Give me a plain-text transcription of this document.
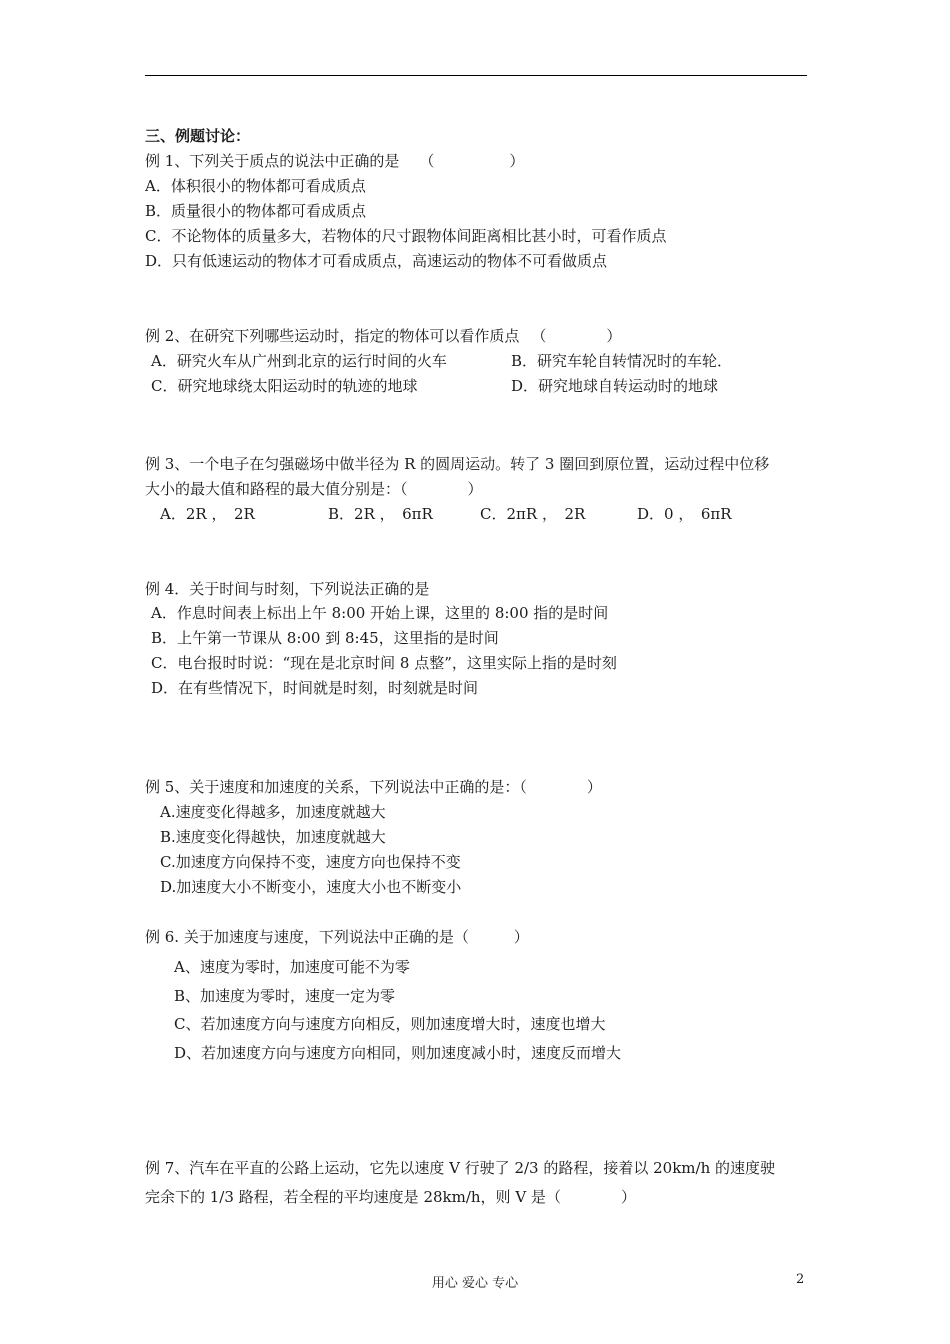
三、例题讨论：
例 1、下列关于质点的说法中正确的是 （　　　　　）
A．体积很小的物体都可看成质点
B．质量很小的物体都可看成质点
C．不论物体的质量多大，若物体的尺寸跟物体间距离相比甚小时，可看作质点
D．只有低速运动的物体才可看成质点，高速运动的物体不可看做质点
例 2、在研究下列哪些运动时，指定的物体可以看作质点 （　　　　）
A．研究火车从广州到北京的运行时间的火车	B．研究车轮自转情况时的车轮．
C．研究地球绕太阳运动时的轨迹的地球	D．研究地球自转运动时的地球
例 3、一个电子在匀强磁场中做半径为 R 的圆周运动。转了 3 圈回到原位置，运动过程中位移
大小的最大值和路程的最大值分别是：（　　　　）
A．2R ，　2R	B．2R ，　6πR	C．2πR ，　2R	D．0 ，　6πR
例 4．关于时间与时刻，下列说法正确的是
A．作息时间表上标出上午 8:00 开始上课，这里的 8:00 指的是时间
B．上午第一节课从 8:00 到 8:45，这里指的是时间
C．电台报时时说：“现在是北京时间 8 点整”，这里实际上指的是时刻
D．在有些情况下，时间就是时刻，时刻就是时间
例 5、关于速度和加速度的关系，下列说法中正确的是：（　　　　）
A.速度变化得越多，加速度就越大
B.速度变化得越快，加速度就越大
C.加速度方向保持不变，速度方向也保持不变
D.加速度大小不断变小，速度大小也不断变小
例 6. 关于加速度与速度，下列说法中正确的是（　　　）
A、速度为零时，加速度可能不为零
B、加速度为零时，速度一定为零
C、若加速度方向与速度方向相反，则加速度增大时，速度也增大
D、若加速度方向与速度方向相同，则加速度减小时，速度反而增大
例 7、汽车在平直的公路上运动，它先以速度 V 行驶了 2/3 的路程，接着以 20km/h 的速度驶
完余下的 1/3 路程，若全程的平均速度是 28km/h，则 V 是（　　　　）
用心 爱心 专心	2
